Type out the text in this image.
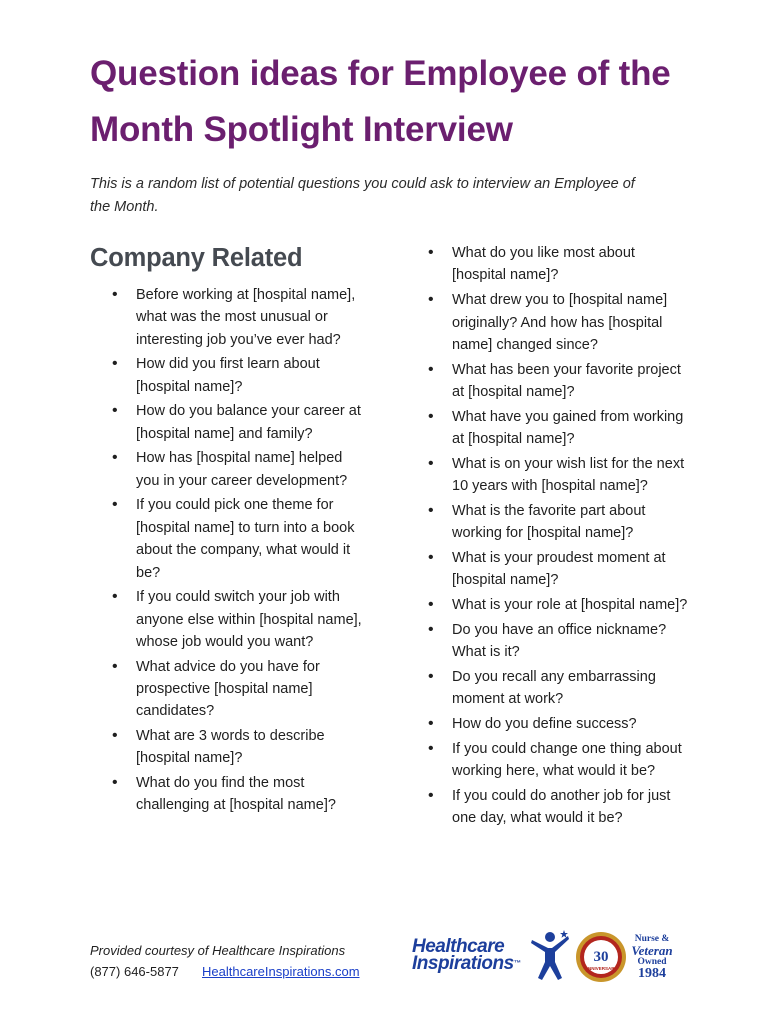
Question ideas for Employee of the Month Spotlight Interview

This is a random list of potential questions you could ask to interview an Employee of the Month.

Company Related
• Before working at [hospital name], what was the most unusual or interesting job you’ve ever had?
• How did you first learn about [hospital name]?
• How do you balance your career at [hospital name] and family?
• How has [hospital name] helped you in your career development?
• If you could pick one theme for [hospital name] to turn into a book about the company, what would it be?
• If you could switch your job with anyone else within [hospital name], whose job would you want?
• What advice do you have for prospective [hospital name] candidates?
• What are 3 words to describe [hospital name]?
• What do you find the most challenging at [hospital name]?
• What do you like most about [hospital name]?
• What drew you to [hospital name] originally? And how has [hospital name] changed since?
• What has been your favorite project at [hospital name]?
• What have you gained from working at [hospital name]?
• What is on your wish list for the next 10 years with [hospital name]?
• What is the favorite part about working for [hospital name]?
• What is your proudest moment at [hospital name]?
• What is your role at [hospital name]?
• Do you have an office nickname? What is it?
• Do you recall any embarrassing moment at work?
• How do you define success?
• If you could change one thing about working here, what would it be?
• If you could do another job for just one day, what would it be?
Provided courtesy of Healthcare Inspirations
(877) 646-5877 HealthcareInspirations.com
Healthcare
Inspirations™	30
ANNIVERSARY
Nurse &
Veteran
Owned
1984
